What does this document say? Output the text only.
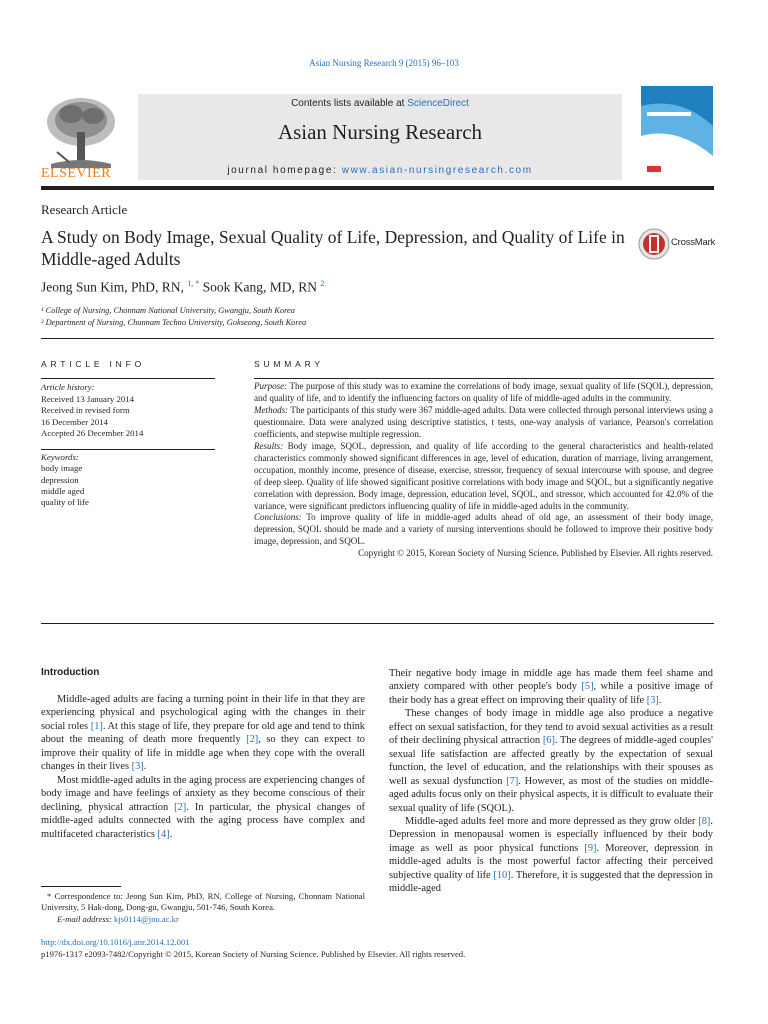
Asian Nursing Research 9 (2015) 96–103
ELSEVIER
Contents lists available at ScienceDirect
Asian Nursing Research
journal homepage: www.asian-nursingresearch.com
Research Article
A Study on Body Image, Sexual Quality of Life, Depression, and Quality of Life in Middle-aged Adults
CrossMark
Jeong Sun Kim, PhD, RN, $^{1, *}$ Sook Kang, MD, RN $^2$
¹ College of Nursing, Chonnam National University, Gwangju, South Korea
² Department of Nursing, Chunnam Techno University, Gokseong, South Korea
ARTICLE INFO
Article history:
Received 13 January 2014
Received in revised form
16 December 2014
Accepted 26 December 2014
Keywords:
body image
depression
middle aged
quality of life
SUMMARY

Purpose: The purpose of this study was to examine the correlations of body image, sexual quality of life (SQOL), depression, and quality of life, and to identify the influencing factors on quality of life of middle-aged adults in the community.

Methods: The participants of this study were 367 middle-aged adults. Data were collected through personal interviews using a questionnaire. Data were analyzed using descriptive statistics, t tests, one-way analysis of variance, Pearson's correlation coefficients, and stepwise multiple regression.

Results: Body image, SQOL, depression, and quality of life according to the general characteristics and health-related characteristics commonly showed significant differences in age, level of education, duration of marriage, living arrangement, occupation, monthly income, presence of disease, exercise, stressor, frequency of sexual intercourse with spouse, and degree of deep sleep. Quality of life showed significant positive correlations with body image and SQOL, but a significantly negative correlation with depression. Body image, depression, education level, SQOL, and stressor, which accounted for 42.0% of the variance, were significant predictors influencing quality of life in middle-aged adults in the community.

Conclusions: To improve quality of life in middle-aged adults ahead of old age, an assessment of their body image, depression, SQOL should be made and a variety of nursing interventions should be followed to improve their positive body image, depression, and SQOL.

Copyright © 2015, Korean Society of Nursing Science. Published by Elsevier. All rights reserved.

Introduction

Middle-aged adults are facing a turning point in their life in that they are experiencing physical and psychological aging with the changes in their social roles [1]. At this stage of life, they prepare for old age and tend to think about the meaning of death more frequently [2], so they can expect to improve their quality of life in middle age when they cope with the overall changes in their lives [3].

Most middle-aged adults in the aging process are experiencing changes of body image and have feelings of anxiety as they become conscious of their declining, physical attraction [2]. In particular, the physical changes of middle-aged adults connected with the aging process have complex and multifaceted characteristics [4].

Their negative body image in middle age has made them feel shame and anxiety compared with other people's body [5], while a positive image of their body has a great effect on improving their quality of life [3].

These changes of body image in middle age also produce a negative effect on sexual satisfaction, for they tend to avoid sexual activities as a result of their declining physical attraction [6]. The degrees of middle-aged couples' sexual life satisfaction are affected greatly by the expectation of sexual function, the level of education, and the relationships with their spouses as well as sexual dysfunction [7]. However, as most of the studies on middle-aged adults focus only on their physical aspects, it is difficult to evaluate their sexual quality of life (SQOL).

Middle-aged adults feel more and more depressed as they grow older [8]. Depression in menopausal women is especially influenced by their body image as well as poor physical functions [9]. Moreover, depression in middle-aged adults is the most powerful factor affecting their perceived subjective quality of life [10]. Therefore, it is suggested that the depression in middle-aged

* Correspondence to: Jeong Sun Kim, PhD, RN, College of Nursing, Chonnam National University, 5 Hak-dong, Dong-gu, Gwangju, 501-746, South Korea.

E-mail address: kjs0114@jnu.ac.kr

http://dx.doi.org/10.1016/j.anr.2014.12.001
p1976-1317 e2093-7482/Copyright © 2015, Korean Society of Nursing Science. Published by Elsevier. All rights reserved.
